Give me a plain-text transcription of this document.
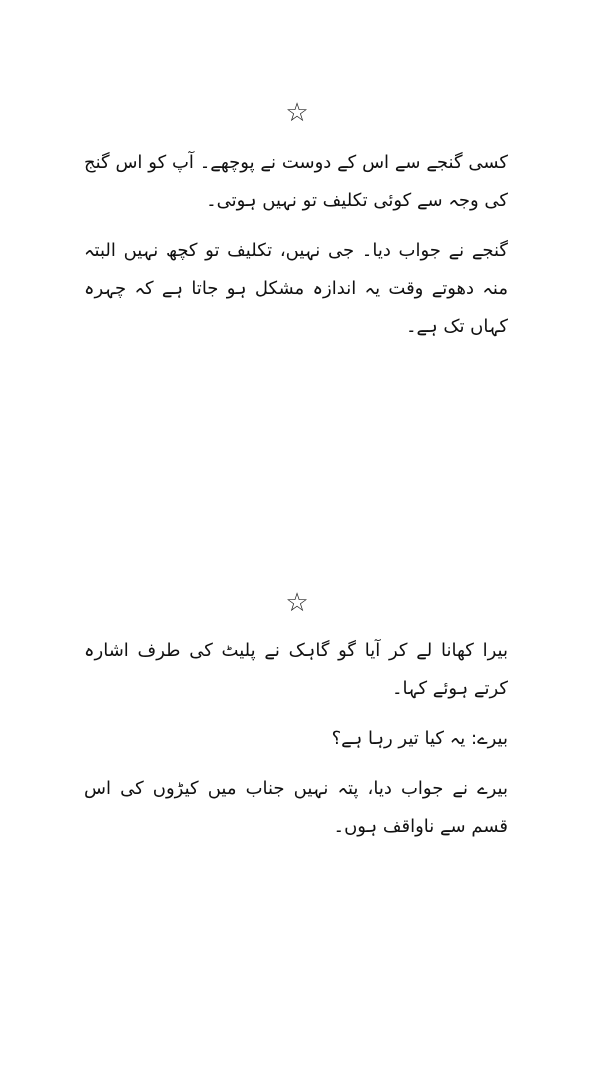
☆

کسی گنجے سے اس کے دوست نے پوچھے۔ آپ کو اس گنج کی وجہ سے کوئی تکلیف تو نہیں ہوتی۔

گنجے نے جواب دیا۔ جی نہیں، تکلیف تو کچھ نہیں البتہ منہ دھوتے وقت یہ اندازہ مشکل ہو جاتا ہے کہ چہرہ کہاں تک ہے۔

☆

بیرا کھانا لے کر آیا گو گاہک نے پلیٹ کی طرف اشارہ کرتے ہوئے کہا۔

بیرے: یہ کیا تیر رہا ہے؟

بیرے نے جواب دیا، پتہ نہیں جناب میں کیڑوں کی اس قسم سے ناواقف ہوں۔
